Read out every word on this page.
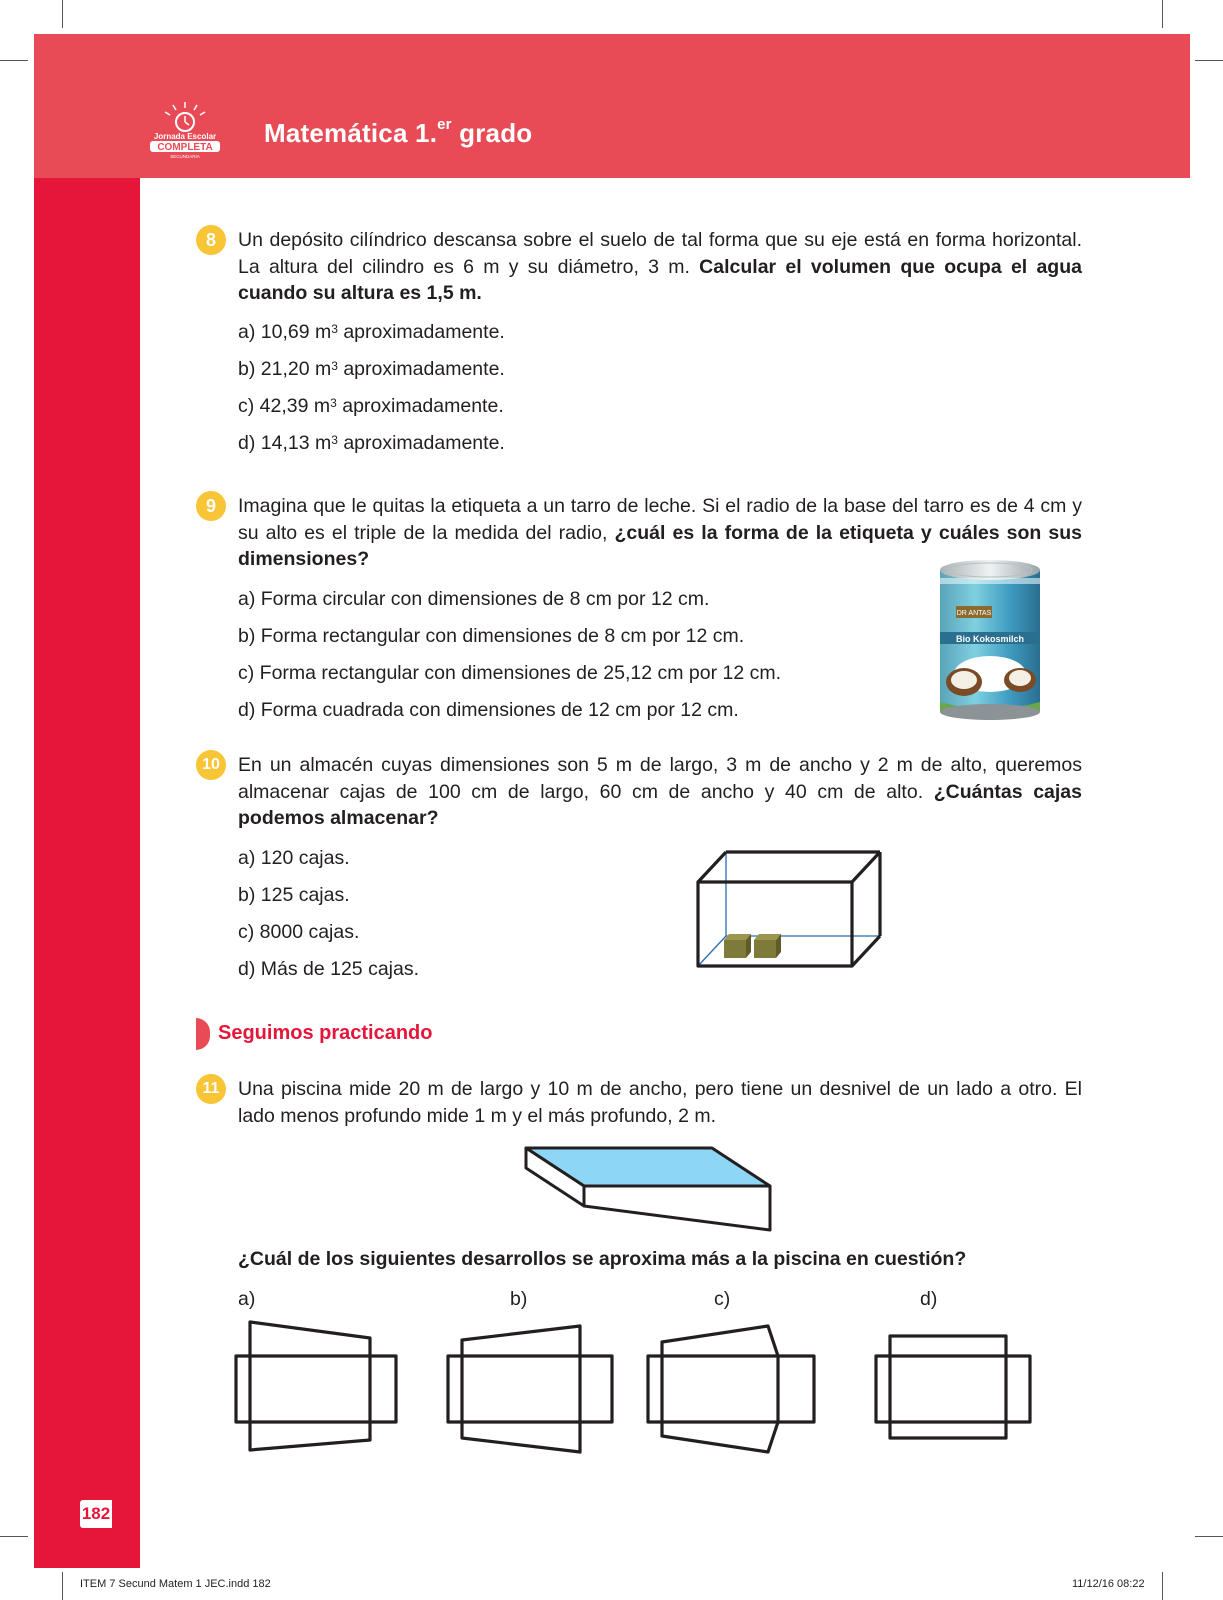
Jornada Escolar
COMPLETA
SECUNDARIA
Matemática 1.$^{er}$ grado
8	Un depósito cilíndrico descansa sobre el suelo de tal forma que su eje está en forma horizontal. La altura del cilindro es 6 m y su diámetro, 3 m. Calcular el volumen que ocupa el agua cuando su altura es 1,5 m.
a) 10,69 $m^3$ aproximadamente.
b) 21,20 $m^3$ aproximadamente.
c) 42,39 $m^3$ aproximadamente.
d) 14,13 $m^3$ aproximadamente.
9	Imagina que le quitas la etiqueta a un tarro de leche. Si el radio de la base del tarro es de 4 cm y su alto es el triple de la medida del radio, ¿cuál es la forma de la etiqueta y cuáles son sus dimensiones?
a) Forma circular con dimensiones de 8 cm por 12 cm.
b) Forma rectangular con dimensiones de 8 cm por 12 cm.
c) Forma rectangular con dimensiones de 25,12 cm por 12 cm.
d) Forma cuadrada con dimensiones de 12 cm por 12 cm.
DR ANTAS
Bio Kokosmilch
10 En un almacén cuyas dimensiones son 5 m de largo, 3 m de ancho y 2 m de alto, queremos almacenar cajas de 100 cm de largo, 60 cm de ancho y 40 cm de alto. ¿Cuántas cajas podemos almacenar?
a) 120 cajas.
b) 125 cajas.
c) 8000 cajas.
d) Más de 125 cajas.
Seguimos practicando
11 Una piscina mide 20 m de largo y 10 m de ancho, pero tiene un desnivel de un lado a otro. El lado menos profundo mide 1 m y el más profundo, 2 m.
¿Cuál de los siguientes desarrollos se aproxima más a la piscina en cuestión?
a)	b)	c)	d)
182
ITEM 7 Secund Matem 1 JEC.indd 182	11/12/16 08:22
